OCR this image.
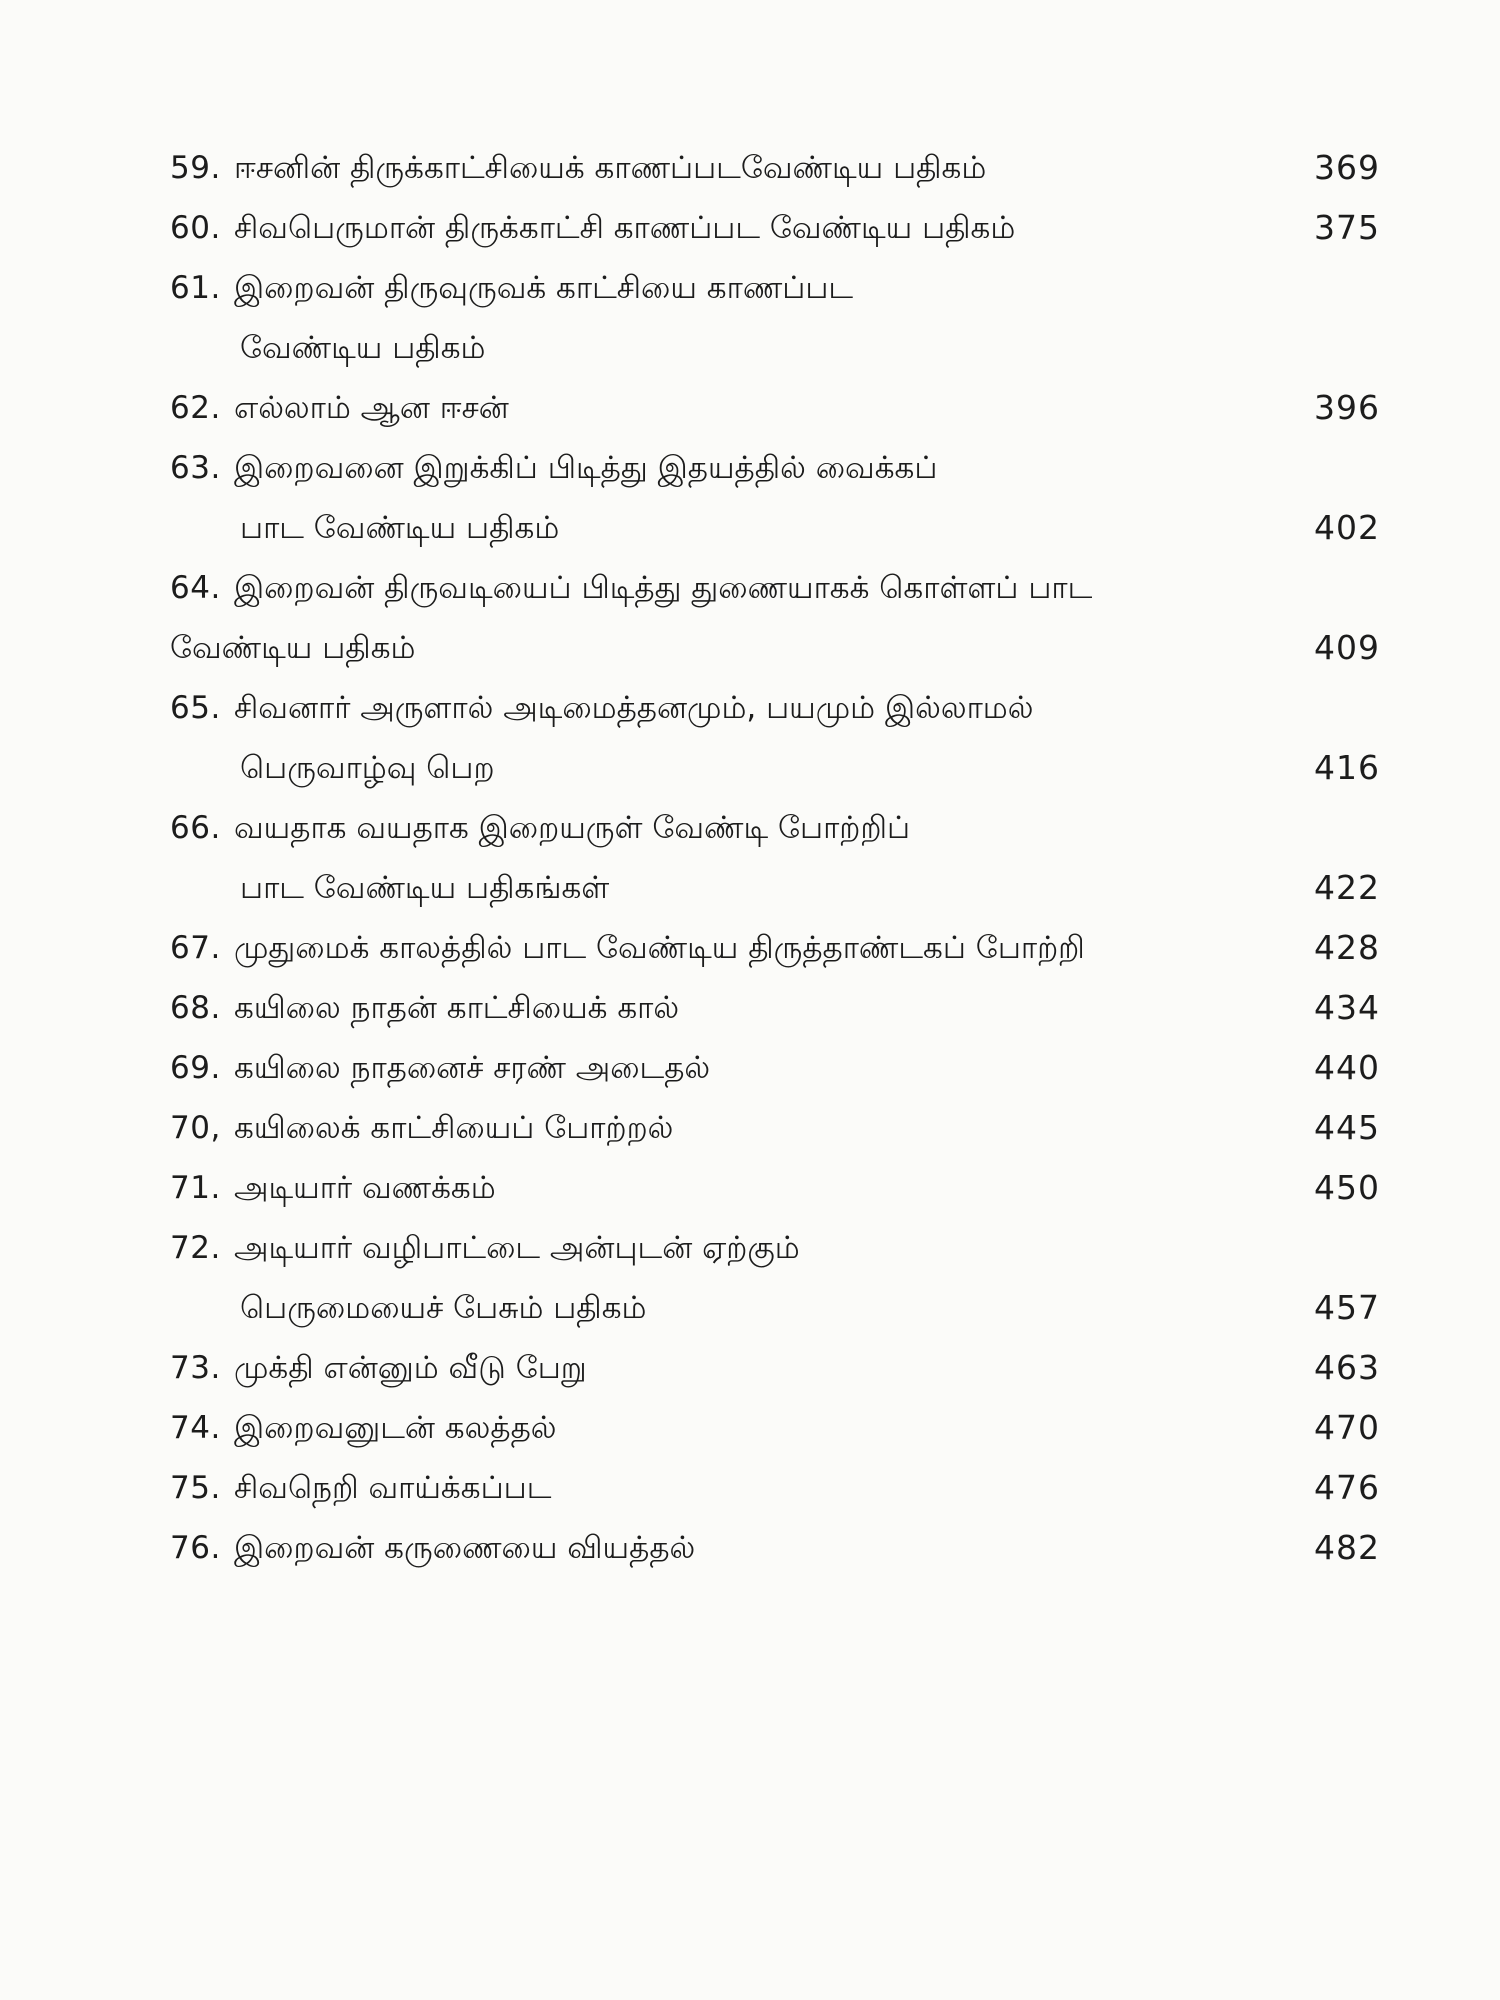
59. ஈசனின் திருக்காட்சியைக் காணப்படவேண்டிய பதிகம்	369
60. சிவபெருமான் திருக்காட்சி காணப்பட வேண்டிய பதிகம்	375
61. இறைவன் திருவுருவக் காட்சியை காணப்பட
வேண்டிய பதிகம்
62. எல்லாம் ஆன ஈசன்	396
63. இறைவனை இறுக்கிப் பிடித்து இதயத்தில் வைக்கப்
பாட வேண்டிய பதிகம்	402
64. இறைவன் திருவடியைப் பிடித்து துணையாகக் கொள்ளப் பாட
வேண்டிய பதிகம்	409
65. சிவனார் அருளால் அடிமைத்தனமும், பயமும் இல்லாமல்
பெருவாழ்வு பெற	416
66. வயதாக வயதாக இறையருள் வேண்டி போற்றிப்
பாட வேண்டிய பதிகங்கள்	422
67. முதுமைக் காலத்தில் பாட வேண்டிய திருத்தாண்டகப் போற்றி	428
68. கயிலை நாதன் காட்சியைக் கால்	434
69. கயிலை நாதனைச் சரண் அடைதல்	440
70, கயிலைக் காட்சியைப் போற்றல்	445
71. அடியார் வணக்கம்	450
72. அடியார் வழிபாட்டை அன்புடன் ஏற்கும்
பெருமையைச் பேசும் பதிகம்	457
73. முக்தி என்னும் வீடு பேறு	463
74. இறைவனுடன் கலத்தல்	470
75. சிவநெறி வாய்க்கப்பட	476
76. இறைவன் கருணையை வியத்தல்	482
